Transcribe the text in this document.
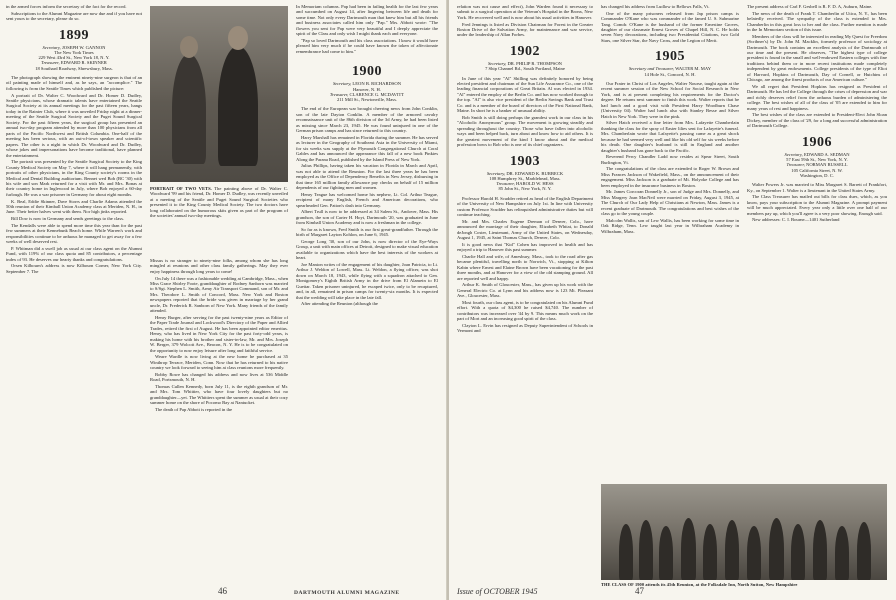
in the armed forces inform the secretary of the fact for the record.

Subscriptions to the Alumni Magazine are now due and if you have not sent yours to the secretary, please do so.

1899
Secretary, JOSEPH W. GANNON
The New York Times
229 West 43rd St., New York 18, N. Y.
Treasurer, EDWARD R. SKINNER
18 Southard Roadway, Shrewsbury, Mass.

The photograph showing the eminent ninety-nine surgeon is that of an oil painting made of himself and, as he says, an "accomplice." The following is from the Seattle Times which published the picture:

A portrait of Dr. Walter C. Woodward and Dr. Homer D. Dudley, Seattle physicians, whose dramatic talents have entertained the Seattle Surgical Society at its annual meetings for the past fifteen years, hangs today in the Rainier Club, where it was unveiled Friday night at a dinner-meeting of the Seattle Surgical Society and the Puget Sound Surgical Society. For the past fifteen years, the surgical group has presented an annual two-day program attended by more than 100 physicians from all parts of the Pacific Northwest and British Columbia. One-half of the meeting has been serious, with an out-of-town speaker and scientific papers. The other is a night in which Dr. Woodward and Dr. Dudley, whose jokes and impersonations have become traditional, have planned the entertainment.

The portrait was presented by the Seattle Surgical Society to the King County Medical Society on May 7, where it will hang permanently, with portraits of other physicians, in the King County society's rooms in the Medical and Dental Building auditorium. Bennet wed Bob (BC '30) with his wife and son Mark returned for a visit with Mr. and Mrs. Bonas at their country home in Inglewood in July, where Bob enjoyed a 60-day furlough. He was a war prisoner in Germany for about eight months.

K. Beal, Eddie Skinner, Dave Storrs and Charlie Adams attended the 50th reunion of their Kimball Union Academy class at Meriden, N. H., in June. Their better halves went with them. Nor high jinks reported.

Bill Dow is now in Germany and sends greetings to the class.

The Kendalls were able to spend more time this year than for the past few summers at their Kennebunk Beach home. While Warren's work and responsibilities continue to be arduous he managed to get away for a few weeks of well deserved rest.

P. Whitman did a swell job as usual at our class agent on the Alumni Fund, with 119% of our class quota and 85 contributors, a percentage index of 93. He deserves our hearty thanks and congratulations.

Orsen Kilbourn's address is now Kilbourn Corner, New York City. September 7. The

PORTRAIT OF TWO VETS. The painting above of Dr. Walter C. Woodward '99 and his friend, Dr. Homer D. Dudley, was recently unveiled at a meeting of the Seattle and Puget Sound Surgical Societies who presented it to the King County Medical Society. The two doctors have long collaborated on the humorous skits given as part of the program of the societies' annual two-day meetings.

Missus is no stranger to ninety-nine folks, among whom she has long mingled at reunions and other class family gatherings. May they ever enjoy happiness through long years to come!

On July 14 there was a fashionable wedding at Cambridge, Mass., when Miss Grace Shirley Foote, granddaughter of Rodney Sanborn was married to S/Sgt. Stephen L. Smith, Army Air Transport Command, son of Mr. and Mrs. Theodore L. Smith of Concord, Mass. New York and Boston newspapers reported that the bride was given in marriage by her grand uncle, Dr. Frederick R. Sanborn of New York. Many friends of the family attended.

Henry Burger, after serving for the past twenty-nine years as Editor of the Paper Trade Journal and Lockwood's Directory of the Paper and Allied Trades, retired the first of August. He has been appointed editor emeritus. Henry, who has lived in New York City for the past forty-odd years, is making his home with his brother and sister-in-law, Mr. and Mrs. Joseph W. Berger, 379 Wolcott Ave., Beacon, N. Y. He is to be congratulated on the opportunity to now enjoy leisure after long and faithful service.

Weare Wardle is now living at the new home he purchased at 35 Winthrop Terrace, Meriden, Conn. Now that he has returned to his native country we look forward to seeing him at class reunions more frequently.

Bobby Rowe has changed his address and now lives at 536 Middle Road, Portsmouth, N. H.

Thomas Cullen Kennedy, born July 11, is the eighth grandson of Mr. and Mrs. Tom Whittier, who have four lovely daughters but no granddaughter—yet. The Whittiers spent the summer as usual at their cozy summer home on the shore of Pocomo Bay at Nantucket.

The death of Pap Abbott is reported in the

In Memoriam columns. Pap had been in failing health for the last few years and succumbed on August 14, after lingering between life and death for some time. Not only every Dartmouth man that knew him but all his friends and business associates called him only "Pap." Mrs. Abbott wrote: "The flowers you sent for Pap were very beautiful and I deeply appreciate the spirit of the Class and only wish I might thank each and everyone.

"Pap so loved Dartmouth and his class associations. I know it would have pleased him very much if he could have known the token of affectionate remembrance had come to him."

1900
Secretary, LEON B. RICHARDSON
Hanover, N. H.
Treasurer, CLARENCE G. MCDAVITT
211 Mill St., Newtonville, Mass.

The end of the European war brought cheering news from John Conklin, son of the late Dayton Conklin. A member of the armored cavalry reconnaissance unit of the 86th division of the 3d Army, he had been listed as missing since March 23, 1945. He was found uninjured in one of the German prison camps and has since returned to this country.

Harry Marshall has remained in Florida during the summer. He has served as lecturer in the Geography of Southeast Asia in the University of Miami, for six weeks was supply at the Plymouth Congregational Church at Coral Gables and has announced the appearance this fall of a new book Pinkies Along the Parana Road, published by the Island Press of New York.

Julius Phillips, having taken his vacation in Florida in March and April, was not able to attend the Reunion. For the last three years he has been employed as the Office of Dependency Benefits in New Jersey, disbursing in that time 165 million family allowance pay checks on behalf of 15 million dependents of our fighting men and women.

Henry Teague has welcomed home his nephew, Lt. Col. Arthur Teague, recipient of many English, French and American decorations, who spearheaded Gen. Patton's dash into Germany.

Albert Trull is now to be addressed at 34 Salem St., Andover, Mass. His grandson, the son of Carter H. Hoyt, Dartmouth '20, was graduated in June from Kimball Union Academy and is now a freshman in the college.

So far as is known, Fred Smith is our first great-grandfather. Through the birth of Margaret Layton Kohlon, on June 6, 1945.

George Long '30, son of our John, is now director of the Eye-Ways Group, a unit with main offices at Detroit, designed to make visual education available to organizations which have the best interests of the workers at heart.

Joe Manion writes of the engagement of his daughter, Joan Patricia, to Lt. Arthur J. Weldon of Lowell, Mass. Lt. Weldon, a flying officer, was shot down on March 18, 1943, while flying with a squadron attached to Gen. Montgomery's Eighth British Army in the drive from El Alamein to El Guettar. Taken prisoner uninjured, he escaped twice, only to be recaptured, and, in all, remained in prison camps for twenty-six months. It is expected that the wedding will take place in the late fall.

After attending the Reunion (although the

46	DARTMOUTH ALUMNI MAGAZINE

relation was not cause and effect), John Warden found it necessary to submit to a surgical operation at the Veteran's Hospital in the Bronx, New York. He recovered well and is now about his usual activities in Hanover.

Fred Jennings is listed as Division Chairman for Forest in the Greater Boston Drive of the Salvation Army, for maintenance and war service, under the leadership of Allan Forbes.

1902
Secretary, DR. PHILIP R. THOMPSON
7 Ship Channel Rd., South Portland, Maine

In June of this year "Al" Shilling was definitely honored by being elected president and chairman of the Sun Life Assurance Co., one of the leading financial corporations of Great Britain. Al was elected in 1934. "Al" entered the employ of the Berlin Co. and has now worked through to the top. "Al" is also vice president of the Berlin Savings Bank and Trust Co. and is a member of the board of directors of the First National Bank, Maine. In short he is a banker of unusual ability.

Bob Smith is still doing perhaps the grandest work in our class in his "Alcoholic Anonymous" group. The movement is growing steadily and spreading throughout the country. Those who have fallen into alcoholic ways and been helped back, turn about and know how to aid others. It is the greatest movement of the kind I know about and the medical profession bows to Bob who is one of its chief organizers.

1903
Secretary, DR. EDWARD K. BURBECK
108 Humphrey St., Marblehead, Mass.
Treasurer, HAROLD W. HESS
85 John St., New York, N. Y.

Professor Harold H. Scudder retired as head of the English Department of the University of New Hampshire on July 1st. In line with University custom Professor Scudder has relinquished administrative duties but will continue teaching.

Mr. and Mrs. Charles Eugene Dreman of Denver, Colo., have announced the marriage of their daughter, Elizabeth Whitat, to Donald deJongh Coster, Lieutenant, Army of the United States, on Wednesday, August 1, 1945, at Saint Thomas Church, Denver, Colo.

It is good news that "Kid" Cohen has improved in health and has enjoyed a trip to Hanover this past summer.

Charlie Hall and wife, of Amesbury, Mass., took to the road after gas became plentiful, travelling north to Norwich, Vt., stopping at Kilton Kabin where Ernest and Elaine Brown have been vacationing for the past three months, and at Hanover for a view of the old stamping ground. All are reported well and happy.

Arthur K. Smith of Gloucester, Mass., has given up his work with the General Electric Co. at Lynn and his address now is 123 Mt. Pleasant Ave., Gloucester, Mass.

Most fourth, our class agent, is to be congratulated on his Alumni Fund effort. With a quota of $4,300 he raised $4,740. The number of contributors was increased over '44 by 9. This means much work on the part of Mort and an increasing good spirit of the class.

Clayton L. Ervin has resigned as Deputy Superintendent of Schools in Vermont and

has changed his address from Ludlow to Bellows Falls, Vt.

One of the many prisoners released from Jap prison camps is Commander O'Kane who was commander of the famed U. S. Submarine Tang. Comdr. O'Kane is the husband of the former Ernestine Groves, daughter of our classmate Ernest Groves of Chapel Hill, N. C. He holds seven Navy decorations, including two Presidential Citations, two Gold Stars, one Silver Star, the Navy Cross, and the Legion of Merit.

1905
Secretary and Treasurer, WALTER M. MAY
14 Hole St., Concord, N. H.

Our Frater in Christ of Los Angeles, Walter Nourse, taught again at the recent summer session of the New School for Social Research in New York, and is at present completing his requirements for the Doctor's degree. He returns next summer to finish this work. Walter reports that he had lunch and a good visit with President Harry Woodburn Chase (University 04). Walter had lunch also with Stanley Besse and Silver Hatch in New York. They were in the pink.

Silver Hatch received a fine letter from Mrs. Lafayette Chamberlain thanking the class for the spray of Easter lilies sent for Lafayette's funeral. Mrs. Chamberlain wrote that Lafayette's passing came as a great shock because he had seemed very well and like his old self for six weeks before his death. One daughter's husband is still in England and another daughter's husband has gone back to the Pacific.

Reverend Percy Chandler Ladd now resides at Spear Street, South Burlington, Vt.

The congratulations of the class are extended to Roger W. Brown and Miss Frances Jackson of Wakefield, Mass., on the announcement of their engagement. Miss Jackson is a graduate of Mt. Holyoke College and has been employed in the insurance business in Boston.

Mr. James Corcoran Donnelly Jr., son of Judge and Mrs. Donnelly, and Miss Margery Joan MacNeil were married on Friday, August 3, 1945, at The Church of Our Lady Help of Christians at Newton, Mass. James is a recent graduate of Dartmouth. The congratulations and best wishes of the class go to the young couple.

Malcolm Wallis, son of Lew Wallis, has been working for some time in Oak Ridge, Tenn. Lew taught last year in Wilbraham Academy in Wilbraham, Mass.

The present address of Carl F. Gesbell is R. F. D. A, Auburn, Maine.

The news of the death of Frank T. Chamberlin of Utica, N. Y., has been belatedly received. The sympathy of the class is extended to Mrs. Chamberlin in this great loss to her and the class. Further mention is made in the In Memoriam section of this issue.

Members of the class will be interested in reading My Quest for Freedom (Scribner's) by Dr. John M. Macklin, formerly professor of sociology at Dartmouth. The book contains an excellent analysis of the Dartmouth of our time and the present. He observes, "The highest type of college president is found in the small and well-endowed Eastern colleges with fine traditions behind them or in more recent institutions made completely independent by great endowments. College presidents of the type of Eliot of Harvard, Hopkins of Dartmouth, Day of Cornell, or Hutchins of Chicago, are among the finest products of our American culture."

We all regret that President Hopkins has resigned as President of Dartmouth. He has led the College through the crises of depression and war and richly deserves relief from the arduous burden of administering the college. The best wishes of all of the class of '05 are extended to him for many years of rest and happiness.

The best wishes of the class are extended to President-Elect John Sloan Dickey, member of the class of '29, for a long and successful administration of Dartmouth College.

1906
Secretary, EDWARD A. SEDMAN
57 East 59th St., New York, N. Y.
Treasurer, NORMAN RUSSELL
105 California Street, N. W.
Washington, D. C.

Walter Powers Jr. was married to Miss Margaret S. Barrett of Frankfort, Ky., on September 1. Walter is a lieutenant in the United States Army.

The Class Treasurer has mailed out bills for class dues, which, as you know, pays your subscription to the Alumni Magazine. A prompt payment will be much appreciated. Every year only a little over one half of our members pay up, which you'll agree is a very poor showing. Enough said.

New addresses: C. I. Bourne—1401 Sutherland

THE CLASS OF 1900 attends its 45th Reunion, at the Folksdale Inn, North Sutton, New Hampshire
Issue of OCTOBER 1945	47
